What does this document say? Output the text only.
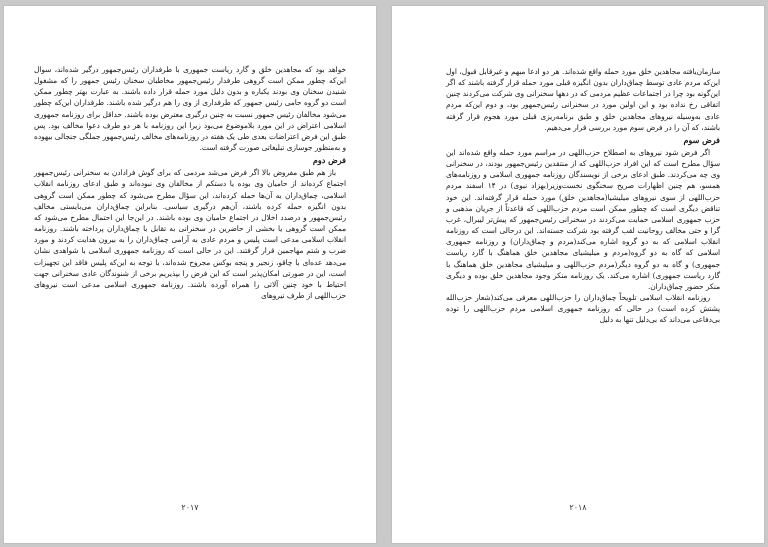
خواهد بود که مجاهدین خلق و گارد ریاست جمهوری با طرفداران رئیس‌جمهور درگیر شده‌اند، سوال این‌که چطور ممکن است گروهی طرفدار رئیس‌جمهور مخاطبان سخنان رئیس جمهور را که مشغول شنیدن سخنان وی بودند یکباره و بدون دلیل مورد حمله قرار داده باشند. به عبارت بهتر چطور ممکن است دو گروه حامی رئیس جمهور که طرفداری از وی را هم درگیر شده باشند. طرفداران این‌که چطور می‌شود مخالفان رئیس جمهور نسبت به چنین درگیری معترض بوده باشند. حداقل برای روزنامه جمهوری اسلامی اعتراض در این مورد بلاموضوع می‌بود زیرا این روزنامه با هر دو طرف دعوا مخالف بود. پس طبق این فرض اعتراضات بعدی طی یک هفته در روزنامه‌های مخالف رئیس‌جمهور جملگی جنجالی بیهوده و به‌منظور جوسازی تبلیغاتی صورت گرفته است.

فرض دوم

باز هم طبق مفروض بالا اگر فرض می‌شد مردمی که برای گوش فرادادن به سخنرانی رئیس‌جمهور اجتماع کرده‌اند از حامیان وی بوده یا دستکم از مخالفان وی نبوده‌اند و طبق ادعای روزنامه انقلاب اسلامی، چماق‌داران به آن‌ها حمله کرده‌اند، این سؤال مطرح می‌شود که چطور ممکن است گروهی بدون انگیزه حمله کرده باشند، آن‌هم درگیری سیاسی. بنابراین چماق‌داران می‌بایستی مخالف رئیس‌جمهور و درصدد اخلال در اجتماع حامیان وی بوده باشند. در این‌جا این احتمال مطرح می‌شود که ممکن است گروهی یا بخشی از حاضرین در سخنرانی به تقابل با چماق‌داران پرداخته باشند. روزنامه انقلاب اسلامی مدعی است پلیس و مردم عادی به آرامی چماق‌داران را به بیرون هدایت کردند و مورد ضرب و شتم مهاجمین قرار گرفتند. این در حالی است که روزنامه جمهوری اسلامی با شواهدی نشان می‌دهد عده‌ای با چاقو، زنجیر و پنجه بوکس مجروح شده‌اند، با توجه به این‌که پلیس فاقد این تجهیزات است، این در صورتی امکان‌پذیر است که این فرض را بپذیریم برخی از شنوندگان عادی سخنرانی جهت احتیاط با خود چنین آلاتی را همراه آورده باشند. روزنامه جمهوری اسلامی مدعی است نیروهای حزب‌اللهی از طرف نیروهای

۲۰۱۷

سازمان‌یافته مجاهدین خلق مورد حمله واقع شده‌اند. هر دو ادعا مبهم و غیرقابل قبول، اول این‌که مردم عادی توسط چماق‌داران بدون انگیزه قبلی مورد حمله قرار گرفته باشند که اگر این‌گونه بود چرا در اجتماعات عظیم مردمی که در دهها سخنرانی وی شرکت می‌کردند چنین اتفاقی رخ نداده بود و این اولین مورد در سخنرانی رئیس‌جمهور بود، و دوم این‌که مردم عادی به‌وسیله نیروهای مجاهدین خلق و طبق برنامه‌ریزی قبلی مورد هجوم قرار گرفته باشند، که آن را در فرض سوم مورد بررسی قرار می‌دهیم.

فرض سوم

اگر فرض شود نیروهای به اصطلاح حزب‌اللهی در مراسم مورد حمله واقع شده‌اند این سؤال مطرح است که این افراد حزب‌اللهی که از منتقدین رئیس‌جمهور بودند، در سخنرانی وی چه می‌کردند. طبق ادعای برخی از نویسندگان روزنامه جمهوری اسلامی و روزنامه‌های همسو، هم چنین اظهارات صریح سخنگوی نخست‌وزیر(بهزاد نبوی) در ۱۴ اسفند مردم حزب‌اللهی از سوی نیروهای میلیشیا(مجاهدین خلق) مورد حمله قرار گرفته‌اند. این خود تناقض دیگری است که چطور ممکن است مردم حزب‌اللهی که قاعدتاً از جریان مذهبی و حزب جمهوری اسلامی حمایت می‌کردند در سخنرانی رئیس‌جمهور که پیش‌تر لیبرال، غرب گرا و حتی مخالف روحانیت لقب گرفته بود شرکت جسته‌اند. این درحالی است که روزنامه انقلاب اسلامی که به دو گروه اشاره می‌کند(مردم و چماق‌داران) و روزنامه جمهوری اسلامی که گاه به دو گروه(مردم و میلیشیای مجاهدین خلق هماهنگ با گارد ریاست جمهوری) و گاه به دو گروه دیگر(مردم حزب‌اللهی و میلیشیای مجاهدین خلق هماهنگ با گارد ریاست جمهوری) اشاره می‌کند. یک روزنامه منکر وجود مجاهدین خلق بوده و دیگری منکر حضور چماق‌داران.

روزنامه انقلاب اسلامی تلویحاً چماق‌داران را حزب‌اللهی معرفی می‌کند(شعار حزب‌الله پشتش کرده است) در حالی که روزنامه جمهوری اسلامی مردم حزب‌اللهی را توده بی‌دفاعی می‌داند که بی‌دلیل تنها به دلیل

۲۰۱۸
